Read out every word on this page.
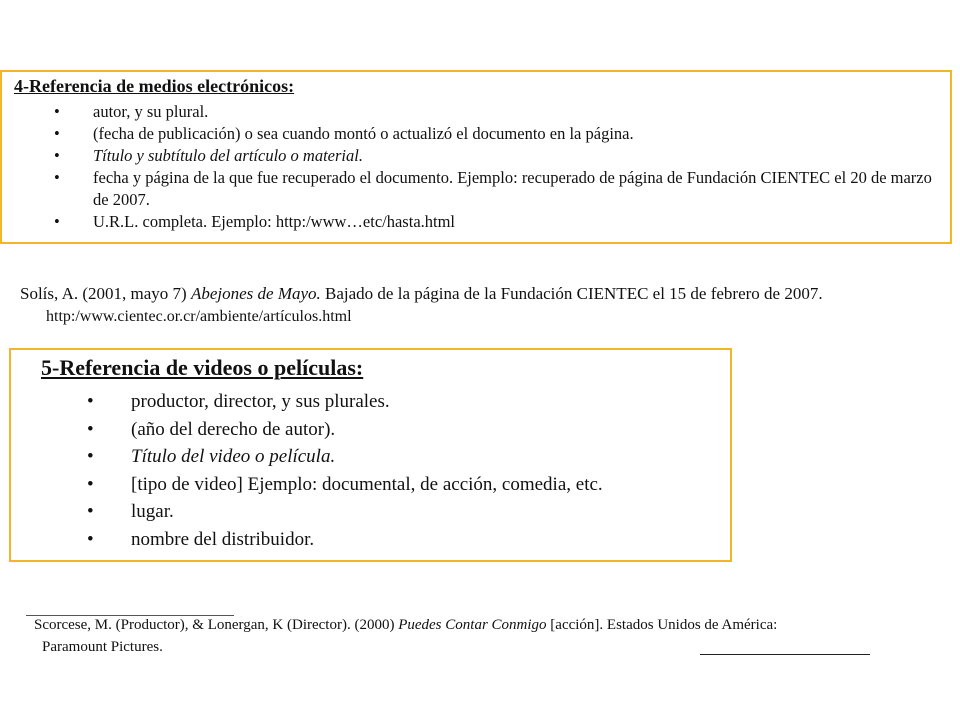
4-Referencia de medios electrónicos:
• autor, y su plural.
• (fecha de publicación) o sea cuando montó o actualizó el documento en la página.
• Título y subtítulo del artículo o material.
• fecha y página de la que fue recuperado el documento. Ejemplo: recuperado de página de Fundación CIENTEC el 20 de marzo de 2007.
• U.R.L. completa. Ejemplo: http:/www…etc/hasta.html
Solís, A. (2001, mayo 7) Abejones de Mayo. Bajado de la página de la Fundación CIENTEC el 15 de febrero de 2007.
http:/www.cientec.or.cr/ambiente/artículos.html
5-Referencia de videos o películas:
• productor, director, y sus plurales.
• (año del derecho de autor).
• Título del video o película.
• [tipo de video] Ejemplo: documental, de acción, comedia, etc.
• lugar.
• nombre del distribuidor.
Scorcese, M. (Productor), & Lonergan, K (Director). (2000) Puedes Contar Conmigo [acción]. Estados Unidos de América:
Paramount Pictures.
